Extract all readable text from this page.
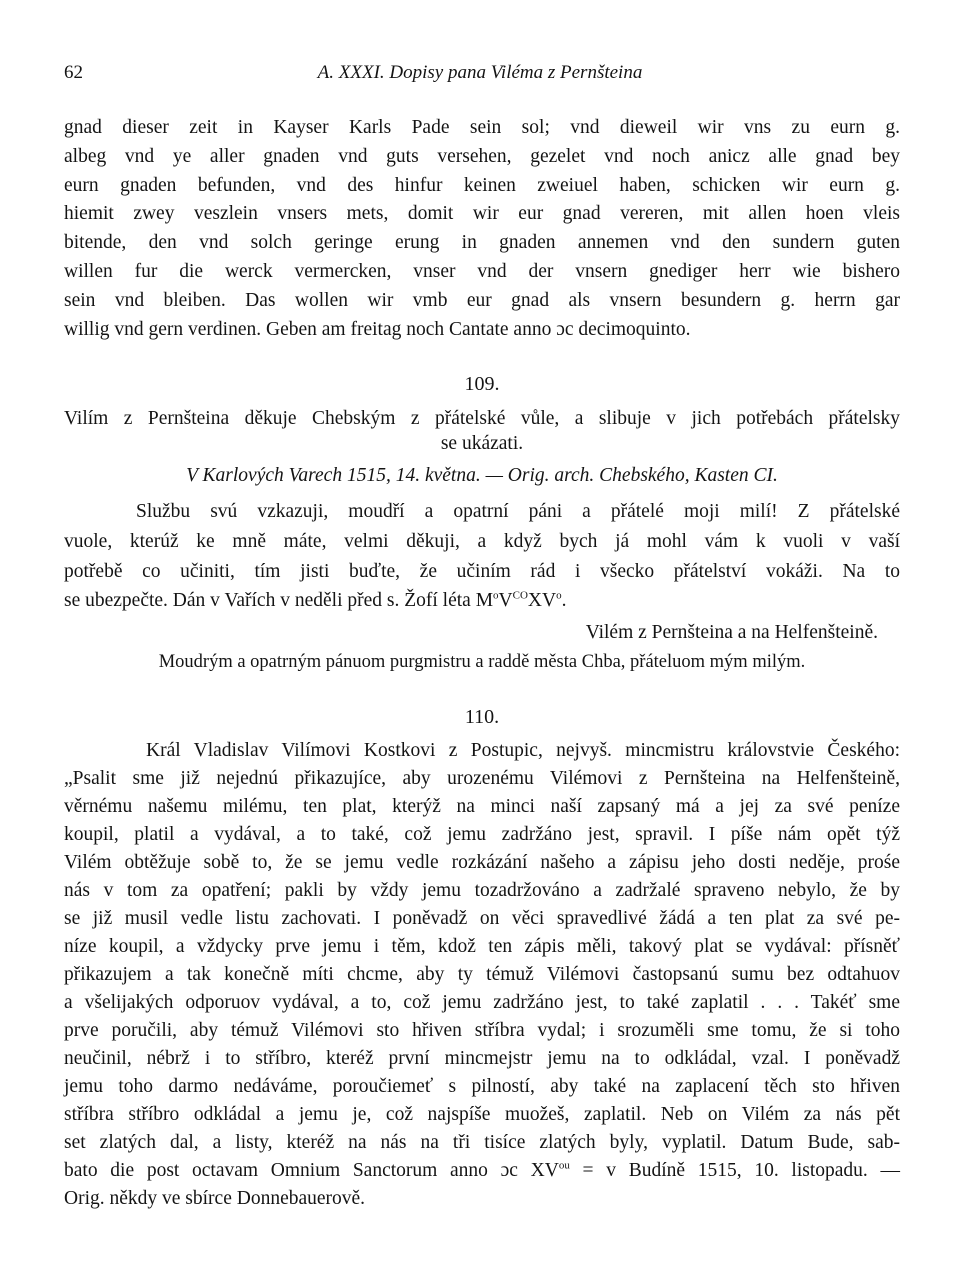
62	A. XXXI. Dopisy pana Viléma z Pernšteina
gnad dieser zeit in Kayser Karls Pade sein sol; vnd dieweil wir vns zu eurn g.
albeg vnd ye aller gnaden vnd guts versehen, gezelet vnd noch anicz alle gnad bey
eurn gnaden befunden, vnd des hinfur keinen zweiuel haben, schicken wir eurn g.
hiemit zwey veszlein vnsers mets, domit wir eur gnad vereren, mit allen hoen vleis
bitende, den vnd solch geringe erung in gnaden annemen vnd den sundern guten
willen fur die werck vermercken, vnser vnd der vnsern gnediger herr wie bishero
sein vnd bleiben. Das wollen wir vmb eur gnad als vnsern besundern g. herrn gar
willig vnd gern verdinen. Geben am freitag noch Cantate anno ɔc decimoquinto.
109.
Vilím z Pernšteina děkuje Chebským z přátelské vůle, a slibuje v jich potřebách přátelsky
se ukázati.
V Karlových Varech 1515, 14. května. — Orig. arch. Chebského, Kasten CI.
Službu svú vzkazuji, moudří a opatrní páni a přátelé moji milí! Z přátelské
vuole, kterúž ke mně máte, velmi děkuji, a když bych já mohl vám k vuoli v vaší
potřebě co učiniti, tím jisti buďte, že učiním rád i všecko přátelství vokáži. Na to
se ubezpečte. Dán v Vařích v neděli před s. Žofí léta $M^oV^{CO}XV^o$.
Vilém z Pernšteina a na Helfenšteině.
Moudrým a opatrným pánuom purgmistru a raddě města Chba, přáteluom mým milým.
110.
Král Vladislav Vilímovi Kostkovi z Postupic, nejvyš. mincmistru královstvie Českého:
„Psalit sme již nejednú přikazujíce, aby urozenému Vilémovi z Pernšteina na Helfenšteině,
věrnému našemu milému, ten plat, kterýž na minci naší zapsaný má a jej za své peníze
koupil, platil a vydával, a to také, což jemu zadržáno jest, spravil. I píše nám opět týž
Vilém obtěžuje sobě to, že se jemu vedle rozkázání našeho a zápisu jeho dosti neděje, prośe
nás v tom za opatření; pakli by vždy jemu tozadržováno a zadržalé spraveno nebylo, že by
se již musil vedle listu zachovati. I poněvadž on věci spravedlivé žádá a ten plat za své pe-
níze koupil, a vždycky prve jemu i těm, kdož ten zápis měli, takový plat se vydával: přísněť
přikazujem a tak konečně míti chcme, aby ty témuž Vilémovi častopsanú sumu bez odtahuov
a všelijakých odporuov vydával, a to, což jemu zadržáno jest, to také zaplatil . . . Takéť sme
prve poručili, aby témuž Vilémovi sto hřiven stříbra vydal; i srozuměli sme tomu, že si toho
neučinil, nébrž i to stříbro, kteréž první mincmejstr jemu na to odkládal, vzal. I poněvadž
jemu toho darmo nedáváme, poroučiemeť s pilností, aby také na zaplacení těch sto hřiven
stříbra stříbro odkládal a jemu je, což najspíše muožeš, zaplatil. Neb on Vilém za nás pět
set zlatých dal, a listy, kteréž na nás na tři tisíce zlatých byly, vyplatil. Datum Bude, sab-
bato die post octavam Omnium Sanctorum anno ɔc $XV^{ou} = v$ Budíně 1515, 10. listopadu. —
Orig. někdy ve sbírce Donnebauerově.
